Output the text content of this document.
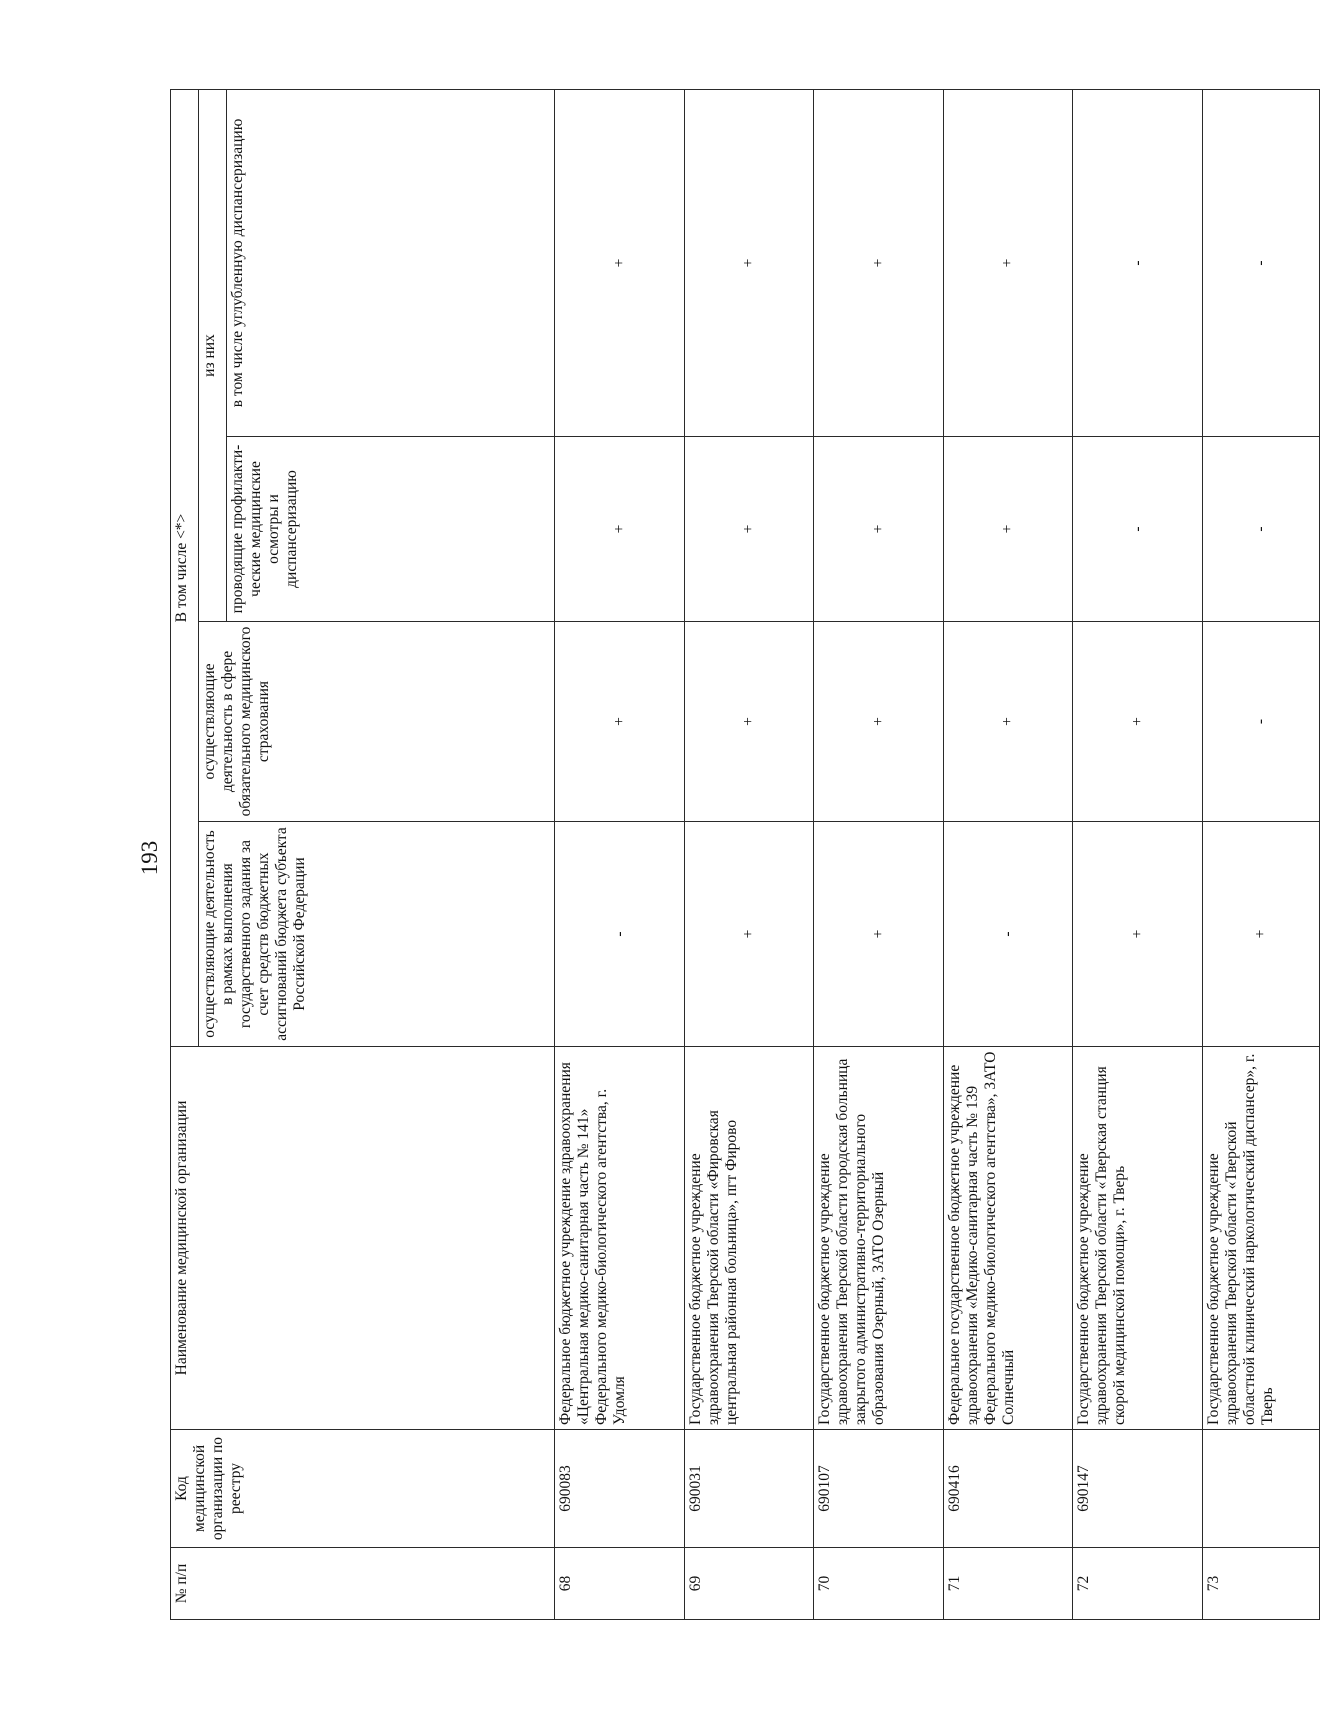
193
№ п/п	Код медицинской организации по реестру	Наименование медицинской организации	В том числе <*>			
			осуществляющие деятельность в рамках выполнения государственного задания за счет средств бюджетных ассигнований бюджета субъекта Российской Федерации	осуществляющие деятельность в сфере обязательного медицинского страхования	из них	
					проводящие профилакти-ческие медицинские осмотры и диспансеризацию	в том числе углубленную диспансеризацию
68	690083	Федеральное бюджетное учреждение здравоохранения «Центральная медико-санитарная часть № 141» Федерального медико-биологического агентства, г. Удомля	-	+	+	+
69	690031	Государственное бюджетное учреждение здравоохранения Тверской области «Фировская центральная районная больница», пгт Фирово	+	+	+	+
70	690107	Государственное бюджетное учреждение здравоохранения Тверской области городская больница закрытого административно-территориального образования Озерный, ЗАТО Озерный	+	+	+	+
71	690416	Федеральное государственное бюджетное учреждение здравоохранения «Медико-санитарная часть № 139 Федерального медико-биологического агентства», ЗАТО Солнечный	-	+	+	+
72	690147	Государственное бюджетное учреждение здравоохранения Тверской области «Тверская станция скорой медицинской помощи», г. Тверь	+	+	-	-
73		Государственное бюджетное учреждение здравоохранения Тверской области «Тверской областной клинический наркологический диспансер», г. Тверь	+	-	-	-
